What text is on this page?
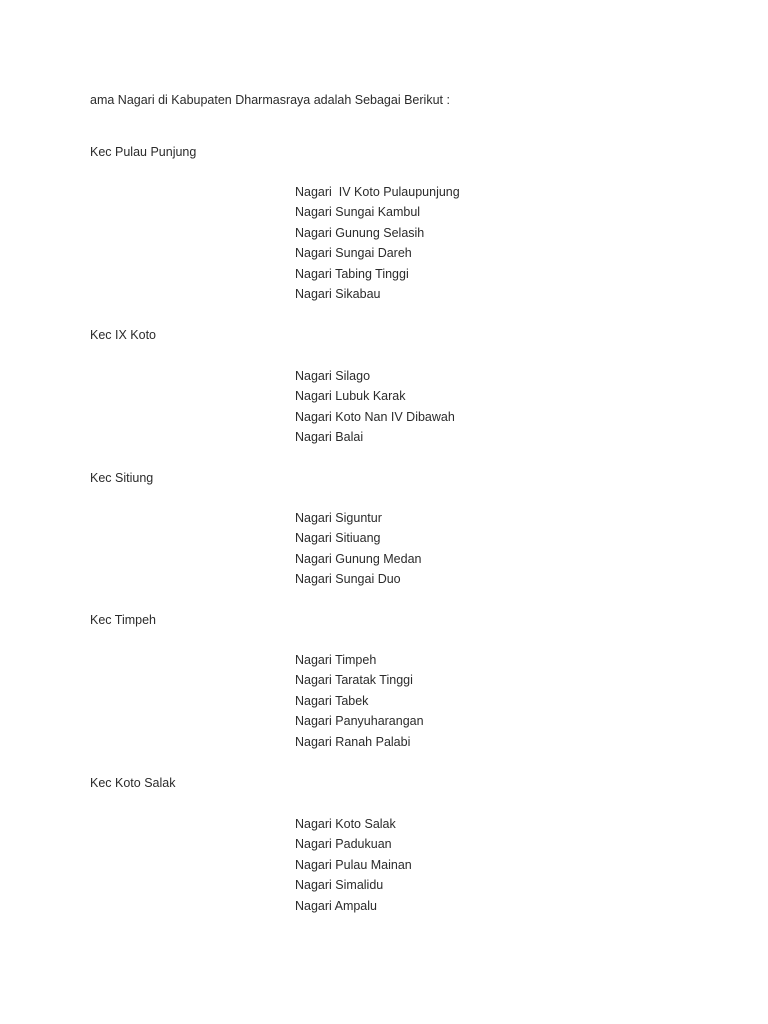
ama Nagari di Kabupaten Dharmasraya adalah Sebagai Berikut :
Kec Pulau Punjung
Nagari  IV Koto Pulaupunjung
Nagari Sungai Kambul
Nagari Gunung Selasih
Nagari Sungai Dareh
Nagari Tabing Tinggi
Nagari Sikabau
Kec IX Koto
Nagari Silago
Nagari Lubuk Karak
Nagari Koto Nan IV Dibawah
Nagari Balai
Kec Sitiung
Nagari Siguntur
Nagari Sitiuang
Nagari Gunung Medan
Nagari Sungai Duo
Kec Timpeh
Nagari Timpeh
Nagari Taratak Tinggi
Nagari Tabek
Nagari Panyuharangan
Nagari Ranah Palabi
Kec Koto Salak
Nagari Koto Salak
Nagari Padukuan
Nagari Pulau Mainan
Nagari Simalidu
Nagari Ampalu
